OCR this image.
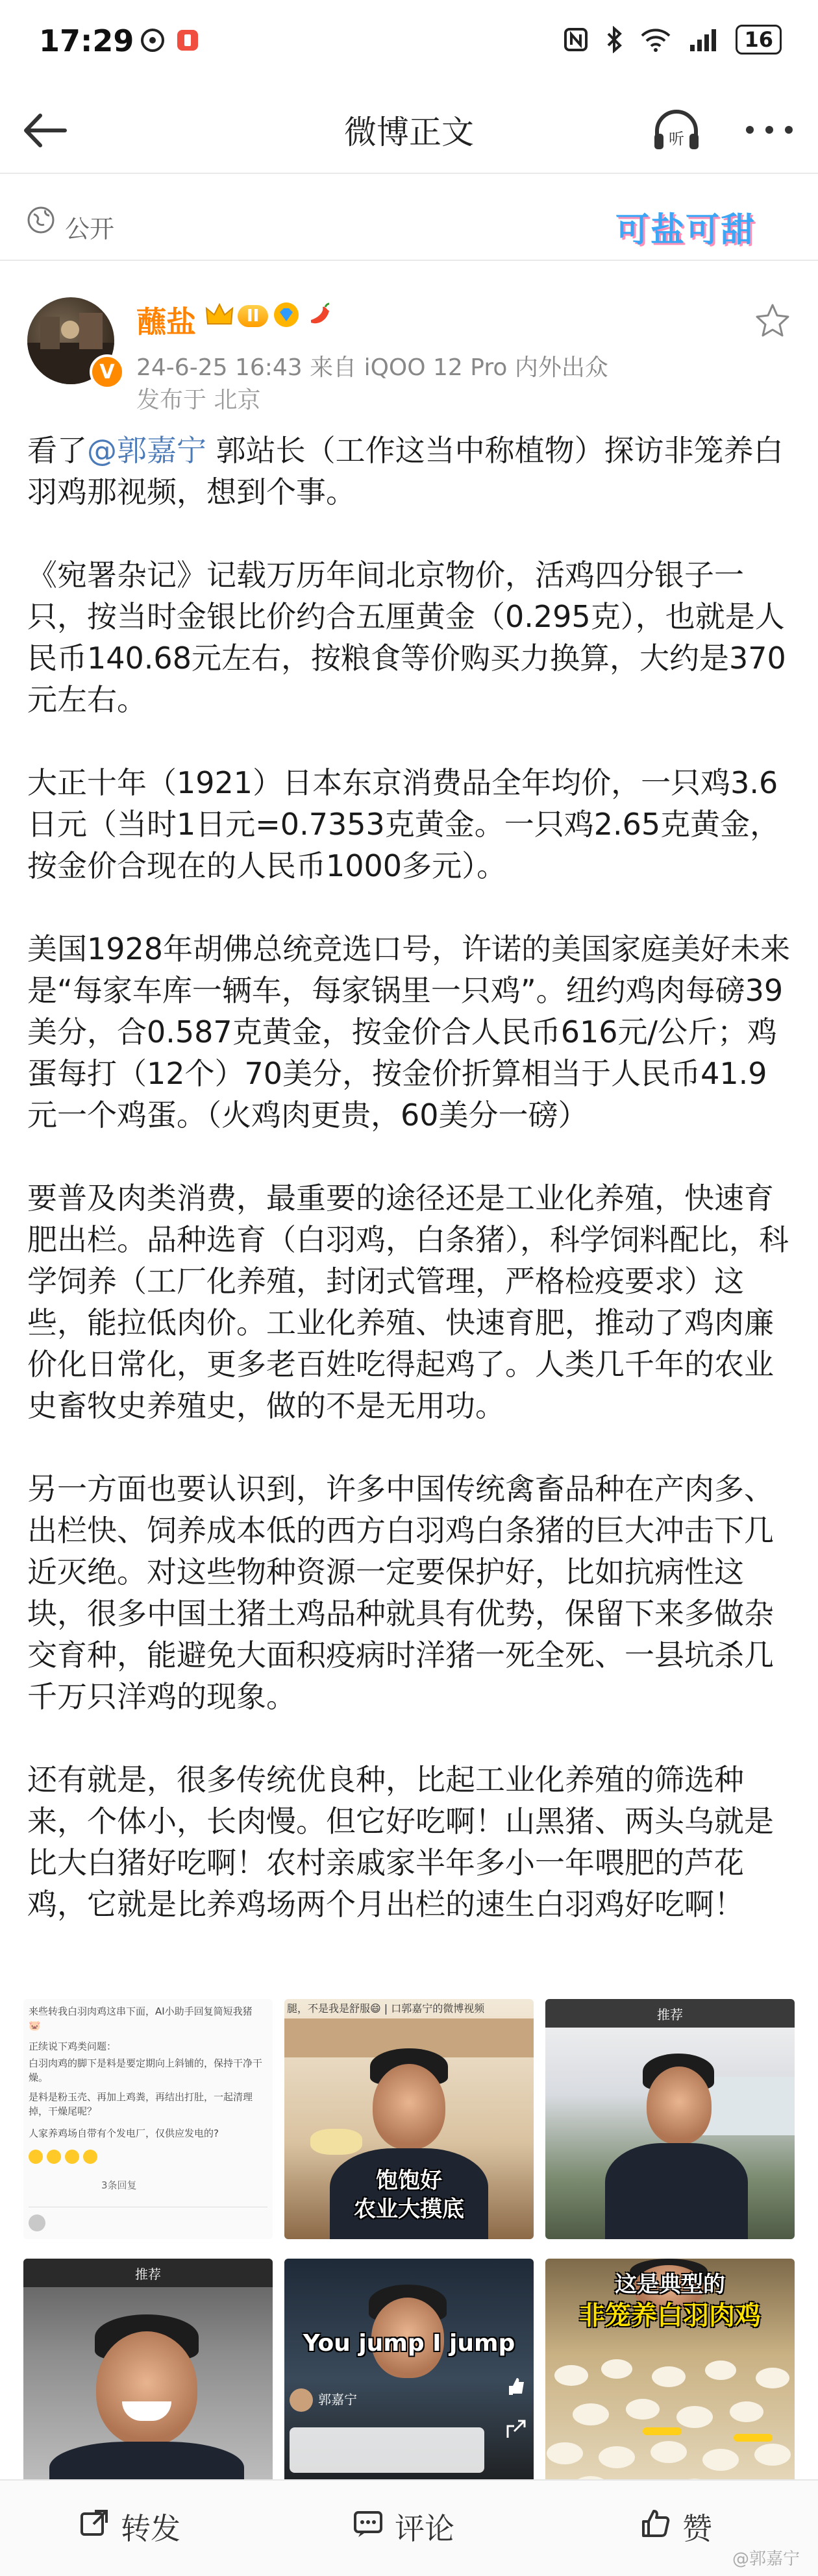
17:29	16
微博正文	听
公开	可盐可甜
V
蘸盐	II
24-6-25 16:43 来自 iQOO 12 Pro 内外出众
发布于 北京

看了@郭嘉宁 郭站长（工作这当中称植物）探访非笼养白羽鸡那视频，想到个事。

《宛署杂记》记载万历年间北京物价，活鸡四分银子一只，按当时金银比价约合五厘黄金（0.295克），也就是人民币140.68元左右，按粮食等价购买力换算，大约是370元左右。

大正十年（1921）日本东京消费品全年均价，一只鸡3.6日元（当时1日元=0.7353克黄金。一只鸡2.65克黄金，按金价合现在的人民币1000多元）。

美国1928年胡佛总统竞选口号，许诺的美国家庭美好未来是“每家车库一辆车，每家锅里一只鸡”。纽约鸡肉每磅39美分，合0.587克黄金，按金价合人民币616元/公斤；鸡蛋每打（12个）70美分，按金价折算相当于人民币41.9元一个鸡蛋。（火鸡肉更贵，60美分一磅）

要普及肉类消费，最重要的途径还是工业化养殖，快速育肥出栏。品种选育（白羽鸡，白条猪），科学饲料配比，科学饲养（工厂化养殖，封闭式管理，严格检疫要求）这些，能拉低肉价。工业化养殖、快速育肥，推动了鸡肉廉价化日常化，更多老百姓吃得起鸡了。人类几千年的农业史畜牧史养殖史，做的不是无用功。

另一方面也要认识到，许多中国传统禽畜品种在产肉多、出栏快、饲养成本低的西方白羽鸡白条猪的巨大冲击下几近灭绝。对这些物种资源一定要保护好，比如抗病性这块，很多中国土猪土鸡品种就具有优势，保留下来多做杂交育种，能避免大面积疫病时洋猪一死全死、一县坑杀几千万只洋鸡的现象。

还有就是，很多传统优良种，比起工业化养殖的筛选种来，个体小，长肉慢。但它好吃啊！山黑猪、两头乌就是比大白猪好吃啊！农村亲戚家半年多小一年喂肥的芦花鸡，它就是比养鸡场两个月出栏的速生白羽鸡好吃啊！

来些转我白羽肉鸡这串下面，AI小助手回复简短我猪🐷
正续说下鸡类问题：
白羽肉鸡的脚下是料是要定期向上斜铺的，保持干净干燥。
是料是粉玉壳、再加上鸡粪，再结出打肚，一起清理掉，干燥尾呢？
人家养鸡场自带有个发电厂，仅供应发电的?
3条回复
腿，不是我是舒服😄 | 口郭嘉宁的微博视频
饱饱好
农业大摸底
推荐
推荐
You jump I jump
郭嘉宁
这是典型的
非笼养白羽肉鸡
转发	评论	赞
@郭嘉宁
